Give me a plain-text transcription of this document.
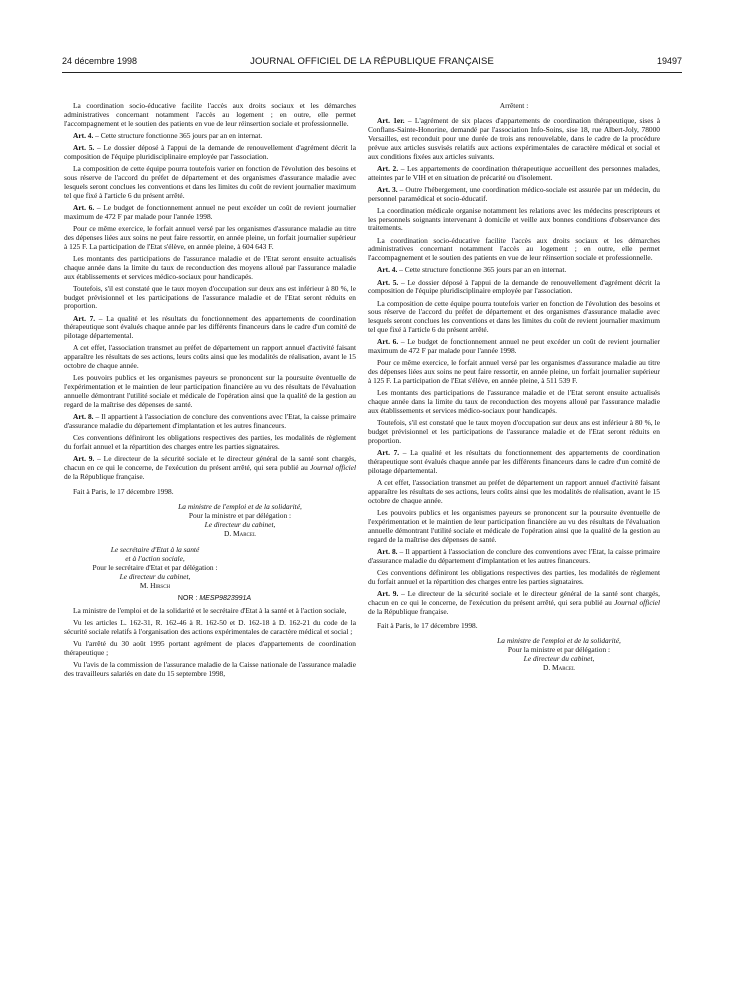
24 décembre 1998	JOURNAL OFFICIEL DE LA RÉPUBLIQUE FRANÇAISE	19497

La coordination socio-éducative facilite l'accès aux droits sociaux et les démarches administratives concernant notamment l'accès au logement ; en outre, elle permet l'accompagnement et le soutien des patients en vue de leur réinsertion sociale et professionnelle.

Art. 4. – Cette structure fonctionne 365 jours par an en internat.

Art. 5. – Le dossier déposé à l'appui de la demande de renouvellement d'agrément décrit la composition de l'équipe pluridisciplinaire employée par l'association.

La composition de cette équipe pourra toutefois varier en fonction de l'évolution des besoins et sous réserve de l'accord du préfet de département et des organismes d'assurance maladie avec lesquels seront conclues les conventions et dans les limites du coût de revient journalier maximum tel que fixé à l'article 6 du présent arrêté.

Art. 6. – Le budget de fonctionnement annuel ne peut excéder un coût de revient journalier maximum de 472 F par malade pour l'année 1998.

Pour ce même exercice, le forfait annuel versé par les organismes d'assurance maladie au titre des dépenses liées aux soins ne peut faire ressortir, en année pleine, un forfait journalier supérieur à 125 F. La participation de l'Etat s'élève, en année pleine, à 604 643 F.

Les montants des participations de l'assurance maladie et de l'Etat seront ensuite actualisés chaque année dans la limite du taux de reconduction des moyens alloué par l'assurance maladie aux établissements et services médico-sociaux pour handicapés.

Toutefois, s'il est constaté que le taux moyen d'occupation sur deux ans est inférieur à 80 %, le budget prévisionnel et les participations de l'assurance maladie et de l'Etat seront réduits en proportion.

Art. 7. – La qualité et les résultats du fonctionnement des appartements de coordination thérapeutique sont évalués chaque année par les différents financeurs dans le cadre d'un comité de pilotage départemental.

A cet effet, l'association transmet au préfet de département un rapport annuel d'activité faisant apparaître les résultats de ses actions, leurs coûts ainsi que les modalités de réalisation, avant le 15 octobre de chaque année.

Les pouvoirs publics et les organismes payeurs se prononcent sur la poursuite éventuelle de l'expérimentation et le maintien de leur participation financière au vu des résultats de l'évaluation annuelle démontrant l'utilité sociale et médicale de l'opération ainsi que la qualité de la gestion au regard de la maîtrise des dépenses de santé.

Art. 8. – Il appartient à l'association de conclure des conventions avec l'Etat, la caisse primaire d'assurance maladie du département d'implantation et les autres financeurs.

Ces conventions définiront les obligations respectives des parties, les modalités de règlement du forfait annuel et la répartition des charges entre les parties signataires.

Art. 9. – Le directeur de la sécurité sociale et le directeur général de la santé sont chargés, chacun en ce qui le concerne, de l'exécution du présent arrêté, qui sera publié au Journal officiel de la République française.

Fait à Paris, le 17 décembre 1998.

La ministre de l'emploi et de la solidarité,
Pour la ministre et par délégation :
Le directeur du cabinet,
D. Marcel
Le secrétaire d'Etat à la santé
et à l'action sociale,
Pour le secrétaire d'Etat et par délégation :
Le directeur du cabinet,
M. Hirsch

NOR : MESP9823991A

La ministre de l'emploi et de la solidarité et le secrétaire d'Etat à la santé et à l'action sociale,

Vu les articles L. 162-31, R. 162-46 à R. 162-50 et D. 162-18 à D. 162-21 du code de la sécurité sociale relatifs à l'organisation des actions expérimentales de caractère médical et social ;

Vu l'arrêté du 30 août 1995 portant agrément de places d'appartements de coordination thérapeutique ;

Vu l'avis de la commission de l'assurance maladie de la Caisse nationale de l'assurance maladie des travailleurs salariés en date du 15 septembre 1998,

Arrêtent :

Art. 1er. – L'agrément de six places d'appartements de coordination thérapeutique, sises à Conflans-Sainte-Honorine, demandé par l'association Info-Soins, sise 18, rue Albert-Joly, 78000 Versailles, est reconduit pour une durée de trois ans renouvelable, dans le cadre de la procédure prévue aux articles susvisés relatifs aux actions expérimentales de caractère médical et social et aux conditions fixées aux articles suivants.

Art. 2. – Les appartements de coordination thérapeutique accueillent des personnes malades, atteintes par le VIH et en situation de précarité ou d'isolement.

Art. 3. – Outre l'hébergement, une coordination médico-sociale est assurée par un médecin, du personnel paramédical et socio-éducatif.

La coordination médicale organise notamment les relations avec les médecins prescripteurs et les personnels soignants intervenant à domicile et veille aux bonnes conditions d'observance des traitements.

La coordination socio-éducative facilite l'accès aux droits sociaux et les démarches administratives concernant notamment l'accès au logement ; en outre, elle permet l'accompagnement et le soutien des patients en vue de leur réinsertion sociale et professionnelle.

Art. 4. – Cette structure fonctionne 365 jours par an en internat.

Art. 5. – Le dossier déposé à l'appui de la demande de renouvellement d'agrément décrit la composition de l'équipe pluridisciplinaire employée par l'association.

La composition de cette équipe pourra toutefois varier en fonction de l'évolution des besoins et sous réserve de l'accord du préfet de département et des organismes d'assurance maladie avec lesquels seront conclues les conventions et dans les limites du coût de revient journalier maximum tel que fixé à l'article 6 du présent arrêté.

Art. 6. – Le budget de fonctionnement annuel ne peut excéder un coût de revient journalier maximum de 472 F par malade pour l'année 1998.

Pour ce même exercice, le forfait annuel versé par les organismes d'assurance maladie au titre des dépenses liées aux soins ne peut faire ressortir, en année pleine, un forfait journalier supérieur à 125 F. La participation de l'Etat s'élève, en année pleine, à 511 539 F.

Les montants des participations de l'assurance maladie et de l'Etat seront ensuite actualisés chaque année dans la limite du taux de reconduction des moyens alloué par l'assurance maladie aux établissements et services médico-sociaux pour handicapés.

Toutefois, s'il est constaté que le taux moyen d'occupation sur deux ans est inférieur à 80 %, le budget prévisionnel et les participations de l'assurance maladie et de l'Etat seront réduits en proportion.

Art. 7. – La qualité et les résultats du fonctionnement des appartements de coordination thérapeutique sont évalués chaque année par les différents financeurs dans le cadre d'un comité de pilotage départemental.

A cet effet, l'association transmet au préfet de département un rapport annuel d'activité faisant apparaître les résultats de ses actions, leurs coûts ainsi que les modalités de réalisation, avant le 15 octobre de chaque année.

Les pouvoirs publics et les organismes payeurs se prononcent sur la poursuite éventuelle de l'expérimentation et le maintien de leur participation financière au vu des résultats de l'évaluation annuelle démontrant l'utilité sociale et médicale de l'opération ainsi que la qualité de la gestion au regard de la maîtrise des dépenses de santé.

Art. 8. – Il appartient à l'association de conclure des conventions avec l'Etat, la caisse primaire d'assurance maladie du département d'implantation et les autres financeurs.

Ces conventions définiront les obligations respectives des parties, les modalités de règlement du forfait annuel et la répartition des charges entre les parties signataires.

Art. 9. – Le directeur de la sécurité sociale et le directeur général de la santé sont chargés, chacun en ce qui le concerne, de l'exécution du présent arrêté, qui sera publié au Journal officiel de la République française.

Fait à Paris, le 17 décembre 1998.

La ministre de l'emploi et de la solidarité,
Pour la ministre et par délégation :
Le directeur du cabinet,
D. Marcel
